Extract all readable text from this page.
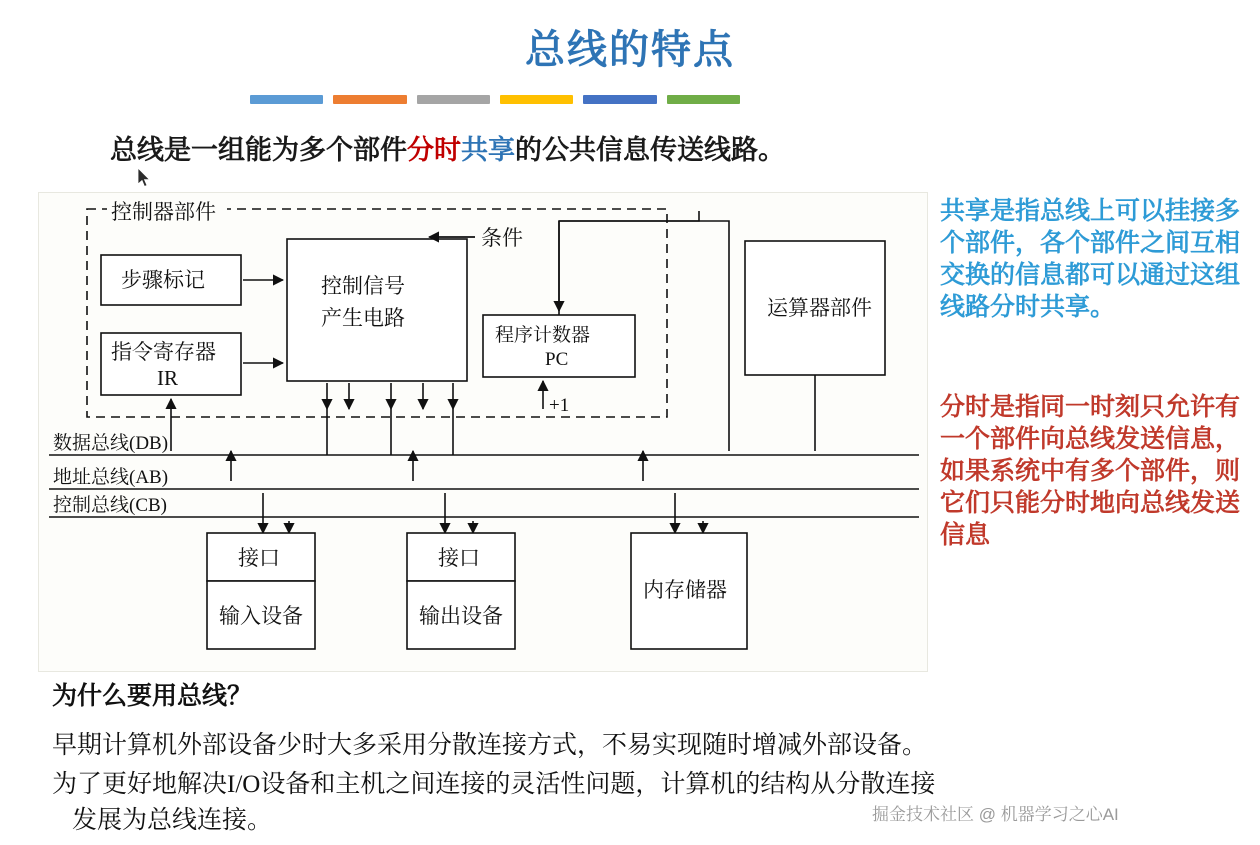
总线的特点
总线是一组能为多个部件分时共享的公共信息传送线路。
控制器部件
步骤标记
指令寄存器
IR
控制信号
产生电路
程序计数器
PC
运算器部件
条件
+1
数据总线(DB)
地址总线(AB)
控制总线(CB)
接口
输入设备
接口
输出设备
内存储器
共享是指总线上可以挂接多个部件，各个部件之间互相交换的信息都可以通过这组线路分时共享。
分时是指同一时刻只允许有一个部件向总线发送信息，如果系统中有多个部件，则它们只能分时地向总线发送信息
为什么要用总线？
早期计算机外部设备少时大多采用分散连接方式，不易实现随时增减外部设备。
为了更好地解决I/O设备和主机之间连接的灵活性问题，计算机的结构从分散连接
发展为总线连接。	掘金技术社区 @ 机器学习之心AI
